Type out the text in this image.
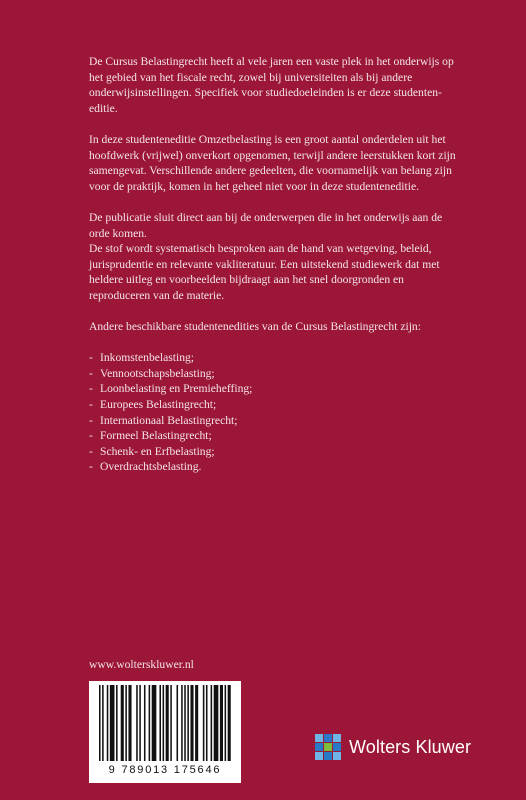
De Cursus Belastingrecht heeft al vele jaren een vaste plek in het onderwijs op het gebied van het fiscale recht, zowel bij universiteiten als bij andere onderwijsinstellingen. Specifiek voor studiedoeleinden is er deze studenteneditie.

In deze studenteneditie Omzetbelasting is een groot aantal onderdelen uit het hoofdwerk (vrijwel) onverkort opgenomen, terwijl andere leerstukken kort zijn samengevat. Verschillende andere gedeelten, die voornamelijk van belang zijn voor de praktijk, komen in het geheel niet voor in deze studenteneditie.

De publicatie sluit direct aan bij de onderwerpen die in het onderwijs aan de orde komen.

De stof wordt systematisch besproken aan de hand van wetgeving, beleid, jurisprudentie en relevante vakliteratuur. Een uitstekend studiewerk dat met heldere uitleg en voorbeelden bijdraagt aan het snel doorgronden en reproduceren van de materie.

Andere beschikbare studentenedities van de Cursus Belastingrecht zijn:

- Inkomstenbelasting;
- Vennootschapsbelasting;
- Loonbelasting en Premieheffing;
- Europees Belastingrecht;
- Internationaal Belastingrecht;
- Formeel Belastingrecht;
- Schenk- en Erfbelasting;
- Overdrachtsbelasting.
www.wolterskluwer.nl
9 789013 175646
Wolters Kluwer
